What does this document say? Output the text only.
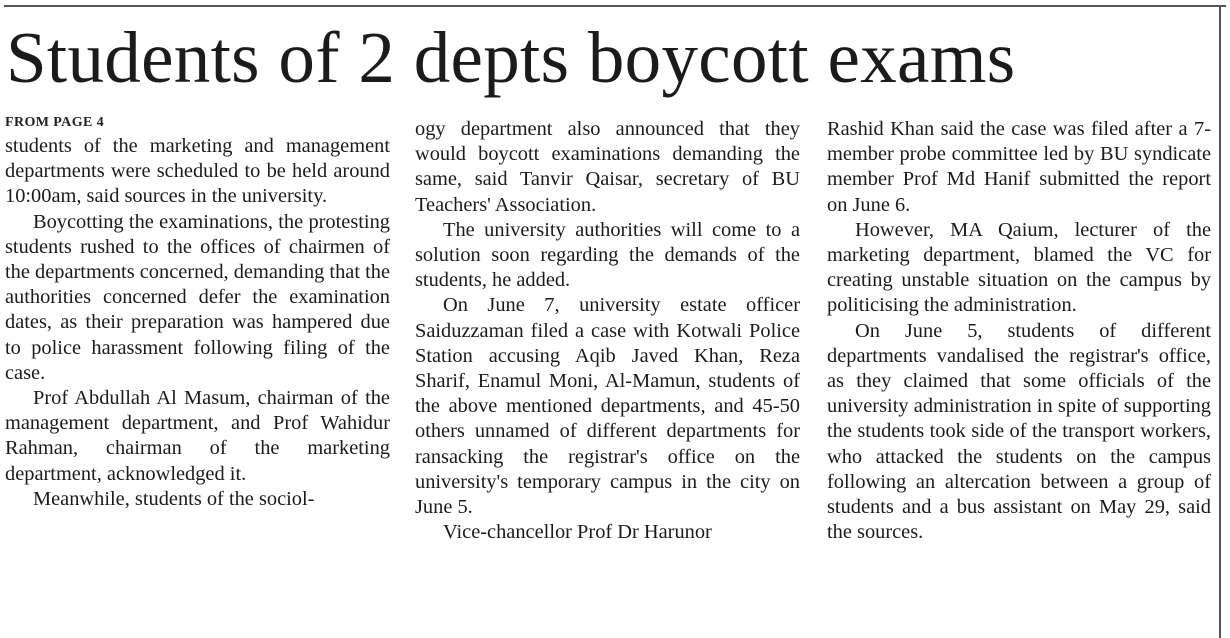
Students of 2 depts boycott exams
FROM PAGE 4

students of the marketing and management departments were scheduled to be held around 10:00am, said sources in the university.

Boycotting the examinations, the protesting students rushed to the offices of chairmen of the departments concerned, demanding that the authorities concerned defer the examination dates, as their preparation was hampered due to police harassment following filing of the case.

Prof Abdullah Al Masum, chairman of the management department, and Prof Wahidur Rahman, chairman of the marketing department, acknowledged it.

Meanwhile, students of the sociol-

ogy department also announced that they would boycott examinations demanding the same, said Tanvir Qaisar, secretary of BU Teachers' Association.

The university authorities will come to a solution soon regarding the demands of the students, he added.

On June 7, university estate officer Saiduzzaman filed a case with Kotwali Police Station accusing Aqib Javed Khan, Reza Sharif, Enamul Moni, Al-Mamun, students of the above mentioned departments, and 45-50 others unnamed of different departments for ransacking the registrar's office on the university's temporary campus in the city on June 5.

Vice-chancellor Prof Dr Harunor

Rashid Khan said the case was filed after a 7-member probe committee led by BU syndicate member Prof Md Hanif submitted the report on June 6.

However, MA Qaium, lecturer of the marketing department, blamed the VC for creating unstable situation on the campus by politicising the administration.

On June 5, students of different departments vandalised the registrar's office, as they claimed that some officials of the university administration in spite of supporting the students took side of the transport workers, who attacked the students on the campus following an altercation between a group of students and a bus assistant on May 29, said the sources.
